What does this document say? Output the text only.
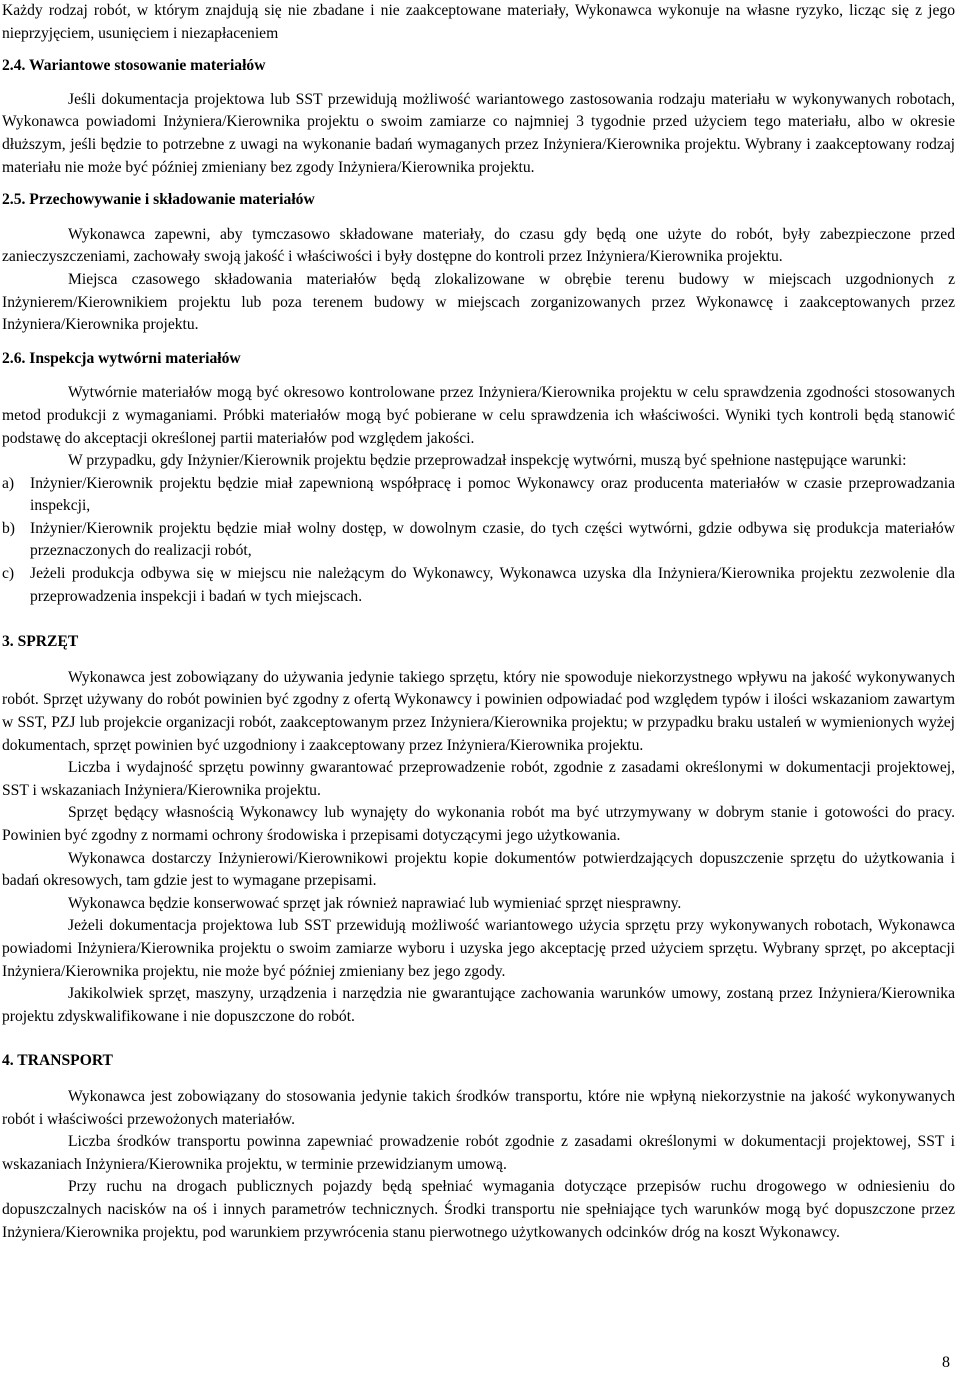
Każdy rodzaj robót, w którym znajdują się nie zbadane i nie zaakceptowane materiały, Wykonawca wykonuje na własne ryzyko, licząc się z jego nieprzyjęciem, usunięciem i niezapłaceniem

2.4. Wariantowe stosowanie materiałów

Jeśli dokumentacja projektowa lub SST przewidują możliwość wariantowego zastosowania rodzaju materiału w wykonywanych robotach, Wykonawca powiadomi Inżyniera/Kierownika projektu o swoim zamiarze co najmniej 3 tygodnie przed użyciem tego materiału, albo w okresie dłuższym, jeśli będzie to potrzebne z uwagi na wykonanie badań wymaganych przez Inżyniera/Kierownika projektu. Wybrany i zaakceptowany rodzaj materiału nie może być później zmieniany bez zgody Inżyniera/Kierownika projektu.

2.5. Przechowywanie i składowanie materiałów

Wykonawca zapewni, aby tymczasowo składowane materiały, do czasu gdy będą one użyte do robót, były zabezpieczone przed zanieczyszczeniami, zachowały swoją jakość i właściwości i były dostępne do kontroli przez Inżyniera/Kierownika projektu.

Miejsca czasowego składowania materiałów będą zlokalizowane w obrębie terenu budowy w miejscach uzgodnionych z Inżynierem/Kierownikiem projektu lub poza terenem budowy w miejscach zorganizowanych przez Wykonawcę i zaakceptowanych przez Inżyniera/Kierownika projektu.

2.6. Inspekcja wytwórni materiałów

Wytwórnie materiałów mogą być okresowo kontrolowane przez Inżyniera/Kierownika projektu w celu sprawdzenia zgodności stosowanych metod produkcji z wymaganiami. Próbki materiałów mogą być pobierane w celu sprawdzenia ich właściwości. Wyniki tych kontroli będą stanowić podstawę do akceptacji określonej partii materiałów pod względem jakości.

W przypadku, gdy Inżynier/Kierownik projektu będzie przeprowadzał inspekcję wytwórni, muszą być spełnione następujące warunki:

a) Inżynier/Kierownik projektu będzie miał zapewnioną współpracę i pomoc Wykonawcy oraz producenta materiałów w czasie przeprowadzania inspekcji,
b) Inżynier/Kierownik projektu będzie miał wolny dostęp, w dowolnym czasie, do tych części wytwórni, gdzie odbywa się produkcja materiałów przeznaczonych do realizacji robót,
c) Jeżeli produkcja odbywa się w miejscu nie należącym do Wykonawcy, Wykonawca uzyska dla Inżyniera/Kierownika projektu zezwolenie dla przeprowadzenia inspekcji i badań w tych miejscach.
3. SPRZĘT

Wykonawca jest zobowiązany do używania jedynie takiego sprzętu, który nie spowoduje niekorzystnego wpływu na jakość wykonywanych robót. Sprzęt używany do robót powinien być zgodny z ofertą Wykonawcy i powinien odpowiadać pod względem typów i ilości wskazaniom zawartym w SST, PZJ lub projekcie organizacji robót, zaakceptowanym przez Inżyniera/Kierownika projektu; w przypadku braku ustaleń w wymienionych wyżej dokumentach, sprzęt powinien być uzgodniony i zaakceptowany przez Inżyniera/Kierownika projektu.

Liczba i wydajność sprzętu powinny gwarantować przeprowadzenie robót, zgodnie z zasadami określonymi w dokumentacji projektowej, SST i wskazaniach Inżyniera/Kierownika projektu.

Sprzęt będący własnością Wykonawcy lub wynajęty do wykonania robót ma być utrzymywany w dobrym stanie i gotowości do pracy. Powinien być zgodny z normami ochrony środowiska i przepisami dotyczącymi jego użytkowania.

Wykonawca dostarczy Inżynierowi/Kierownikowi projektu kopie dokumentów potwierdzających dopuszczenie sprzętu do użytkowania i badań okresowych, tam gdzie jest to wymagane przepisami.

Wykonawca będzie konserwować sprzęt jak również naprawiać lub wymieniać sprzęt niesprawny.

Jeżeli dokumentacja projektowa lub SST przewidują możliwość wariantowego użycia sprzętu przy wykonywanych robotach, Wykonawca powiadomi Inżyniera/Kierownika projektu o swoim zamiarze wyboru i uzyska jego akceptację przed użyciem sprzętu. Wybrany sprzęt, po akceptacji Inżyniera/Kierownika projektu, nie może być później zmieniany bez jego zgody.

Jakikolwiek sprzęt, maszyny, urządzenia i narzędzia nie gwarantujące zachowania warunków umowy, zostaną przez Inżyniera/Kierownika projektu zdyskwalifikowane i nie dopuszczone do robót.

4. TRANSPORT

Wykonawca jest zobowiązany do stosowania jedynie takich środków transportu, które nie wpłyną niekorzystnie na jakość wykonywanych robót i właściwości przewożonych materiałów.

Liczba środków transportu powinna zapewniać prowadzenie robót zgodnie z zasadami określonymi w dokumentacji projektowej, SST i wskazaniach Inżyniera/Kierownika projektu, w terminie przewidzianym umową.

Przy ruchu na drogach publicznych pojazdy będą spełniać wymagania dotyczące przepisów ruchu drogowego w odniesieniu do dopuszczalnych nacisków na oś i innych parametrów technicznych. Środki transportu nie spełniające tych warunków mogą być dopuszczone przez Inżyniera/Kierownika projektu, pod warunkiem przywrócenia stanu pierwotnego użytkowanych odcinków dróg na koszt Wykonawcy.

8
